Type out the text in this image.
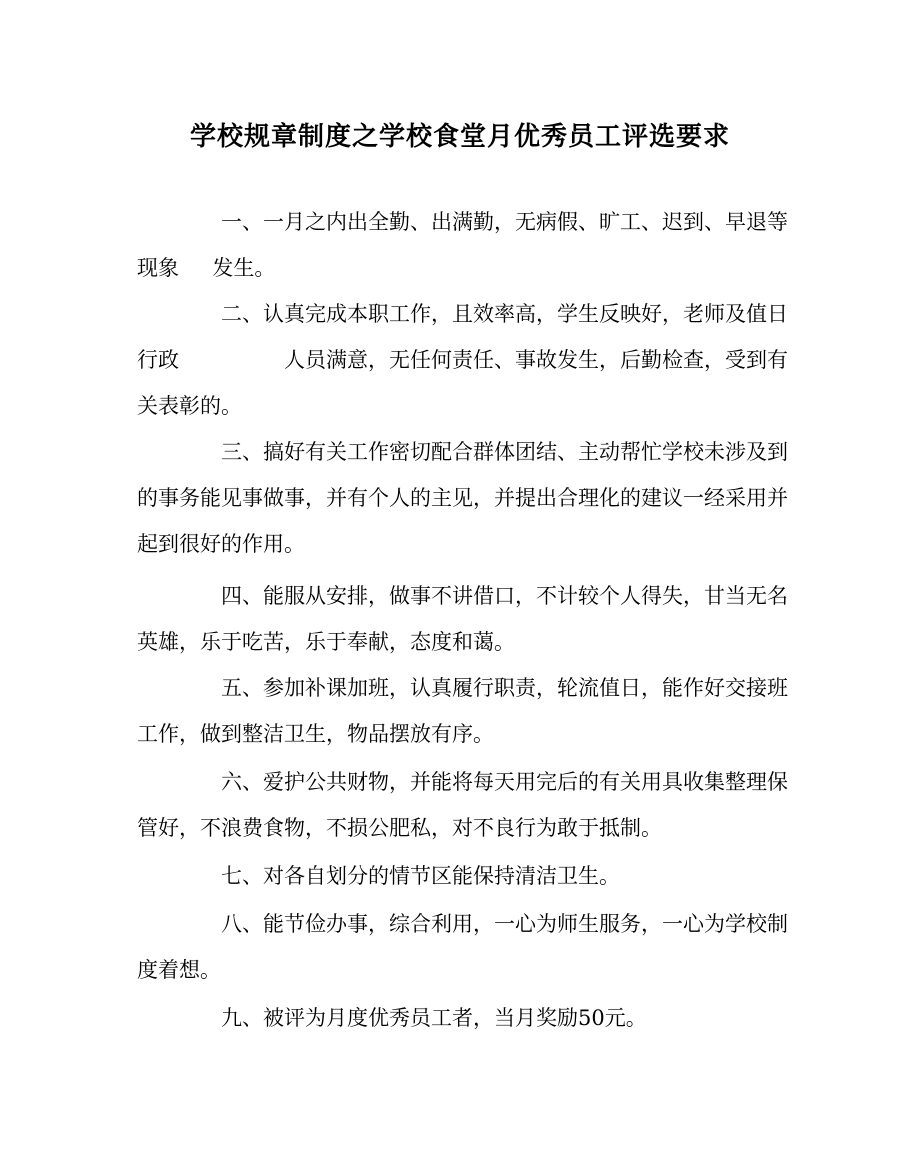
学校规章制度之学校食堂月优秀员工评选要求
一、一月之内出全勤、出满勤，无病假、旷工、迟到、早退等
现象     发生。
二、认真完成本职工作，且效率高，学生反映好，老师及值日
行政	人员满意，无任何责任、事故发生，后勤检查，受到有
关表彰的。
三、搞好有关工作密切配合群体团结、主动帮忙学校未涉及到
的事务能见事做事，并有个人的主见，并提出合理化的建议一经采用并
起到很好的作用。
四、能服从安排，做事不讲借口，不计较个人得失，甘当无名
英雄，乐于吃苦，乐于奉献，态度和蔼。
五、参加补课加班，认真履行职责，轮流值日，能作好交接班
工作，做到整洁卫生，物品摆放有序。
六、爱护公共财物，并能将每天用完后的有关用具收集整理保
管好，不浪费食物，不损公肥私，对不良行为敢于抵制。
七、对各自划分的情节区能保持清洁卫生。
八、能节俭办事，综合利用，一心为师生服务，一心为学校制
度着想。
九、被评为月度优秀员工者，当月奖励50元。
